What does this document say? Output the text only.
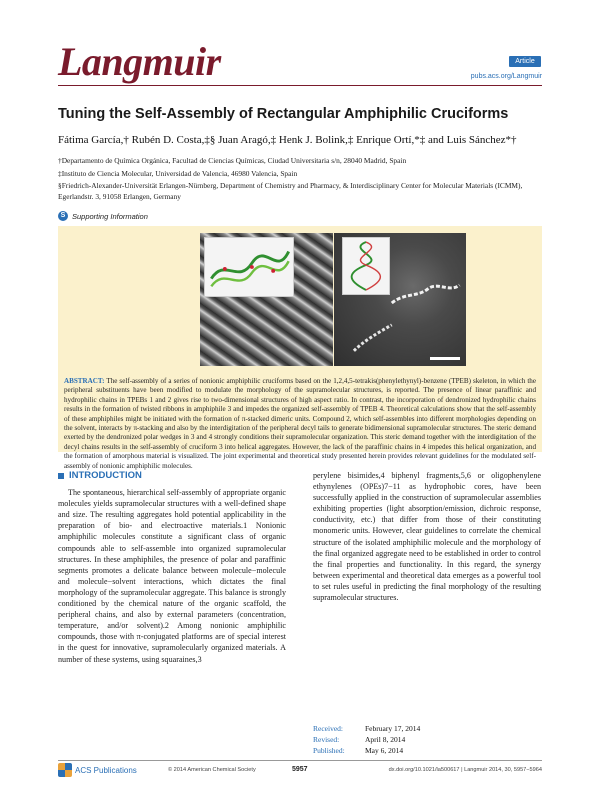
Langmuir	Article
pubs.acs.org/Langmuir
Tuning the Self-Assembly of Rectangular Amphiphilic Cruciforms
Fátima García,† Rubén D. Costa,‡§ Juan Aragó,‡ Henk J. Bolink,‡ Enrique Ortí,*‡ and Luis Sánchez*†

†Departamento de Química Orgánica, Facultad de Ciencias Químicas, Ciudad Universitaria s/n, 28040 Madrid, Spain

‡Instituto de Ciencia Molecular, Universidad de Valencia, 46980 Valencia, Spain

§Friedrich-Alexander-Universität Erlangen-Nürnberg, Department of Chemistry and Pharmacy, & Interdisciplinary Center for Molecular Materials (ICMM), Egerlandstr. 3, 91058 Erlangen, Germany

S Supporting Information
ABSTRACT: The self-assembly of a series of nonionic amphiphilic cruciforms based on the 1,2,4,5-tetrakis(phenylethynyl)-benzene (TPEB) skeleton, in which the peripheral substituents have been modified to modulate the morphology of the supramolecular structures, is reported. The presence of linear paraffinic and hydrophilic chains in TPEBs 1 and 2 gives rise to two-dimensional structures of high aspect ratio. In contrast, the incorporation of dendronized hydrophilic chains results in the formation of twisted ribbons in amphiphile 3 and impedes the organized self-assembly of TPEB 4. Theoretical calculations show that the self-assembly of these amphiphiles might be initiated with the formation of π-stacked dimeric units. Compound 2, which self-assembles into different morphologies depending on the solvent, interacts by π-stacking and also by the interdigitation of the peripheral decyl tails to generate bidimensional supramolecular structures. The steric demand exerted by the dendronized polar wedges in 3 and 4 strongly conditions their supramolecular organization. This steric demand together with the interdigitation of the decyl chains results in the self-assembly of cruciform 3 into helical aggregates. However, the lack of the paraffinic chains in 4 impedes this helical organization, and the formation of amorphous material is visualized. The joint experimental and theoretical study presented herein provides relevant guidelines for the modulated self-assembly of nonionic amphiphilic molecules.
INTRODUCTION

The spontaneous, hierarchical self-assembly of appropriate organic molecules yields supramolecular structures with a well-defined shape and size. The resulting aggregates hold potential applicability in the preparation of bio- and electroactive materials.1 Nonionic amphiphilic molecules constitute a significant class of organic compounds able to self-assemble into organized supramolecular structures. In these amphiphiles, the presence of polar and paraffinic segments promotes a delicate balance between molecule−molecule and molecule−solvent interactions, which dictates the final morphology of the supramolecular aggregate. This balance is strongly conditioned by the chemical nature of the organic scaffold, the peripheral chains, and also by external parameters (concentration, temperature, and/or solvent).2 Among nonionic amphiphilic compounds, those with π-conjugated platforms are of special interest in the quest for innovative, supramolecularly organized materials. A number of these systems, using squaraines,3

perylene bisimides,4 biphenyl fragments,5,6 or oligophenylene ethynylenes (OPEs)7−11 as hydrophobic cores, have been successfully applied in the construction of supramolecular assemblies exhibiting properties (light absorption/emission, dichroic response, conductivity, etc.) that differ from those of their constituting monomeric units. However, clear guidelines to correlate the chemical structure of the isolated amphiphilic molecule and the morphology of the final organized aggregate need to be established in order to control the final properties and functionality. In this regard, the synergy between experimental and theoretical data emerges as a powerful tool to set rules useful in predicting the final morphology of the resulting supramolecular structures.

Received:	February 17, 2014
Revised:	April 8, 2014
Published:	May 6, 2014
ACS Publications	© 2014 American Chemical Society	5957	dx.doi.org/10.1021/la500617 | Langmuir 2014, 30, 5957−5964
